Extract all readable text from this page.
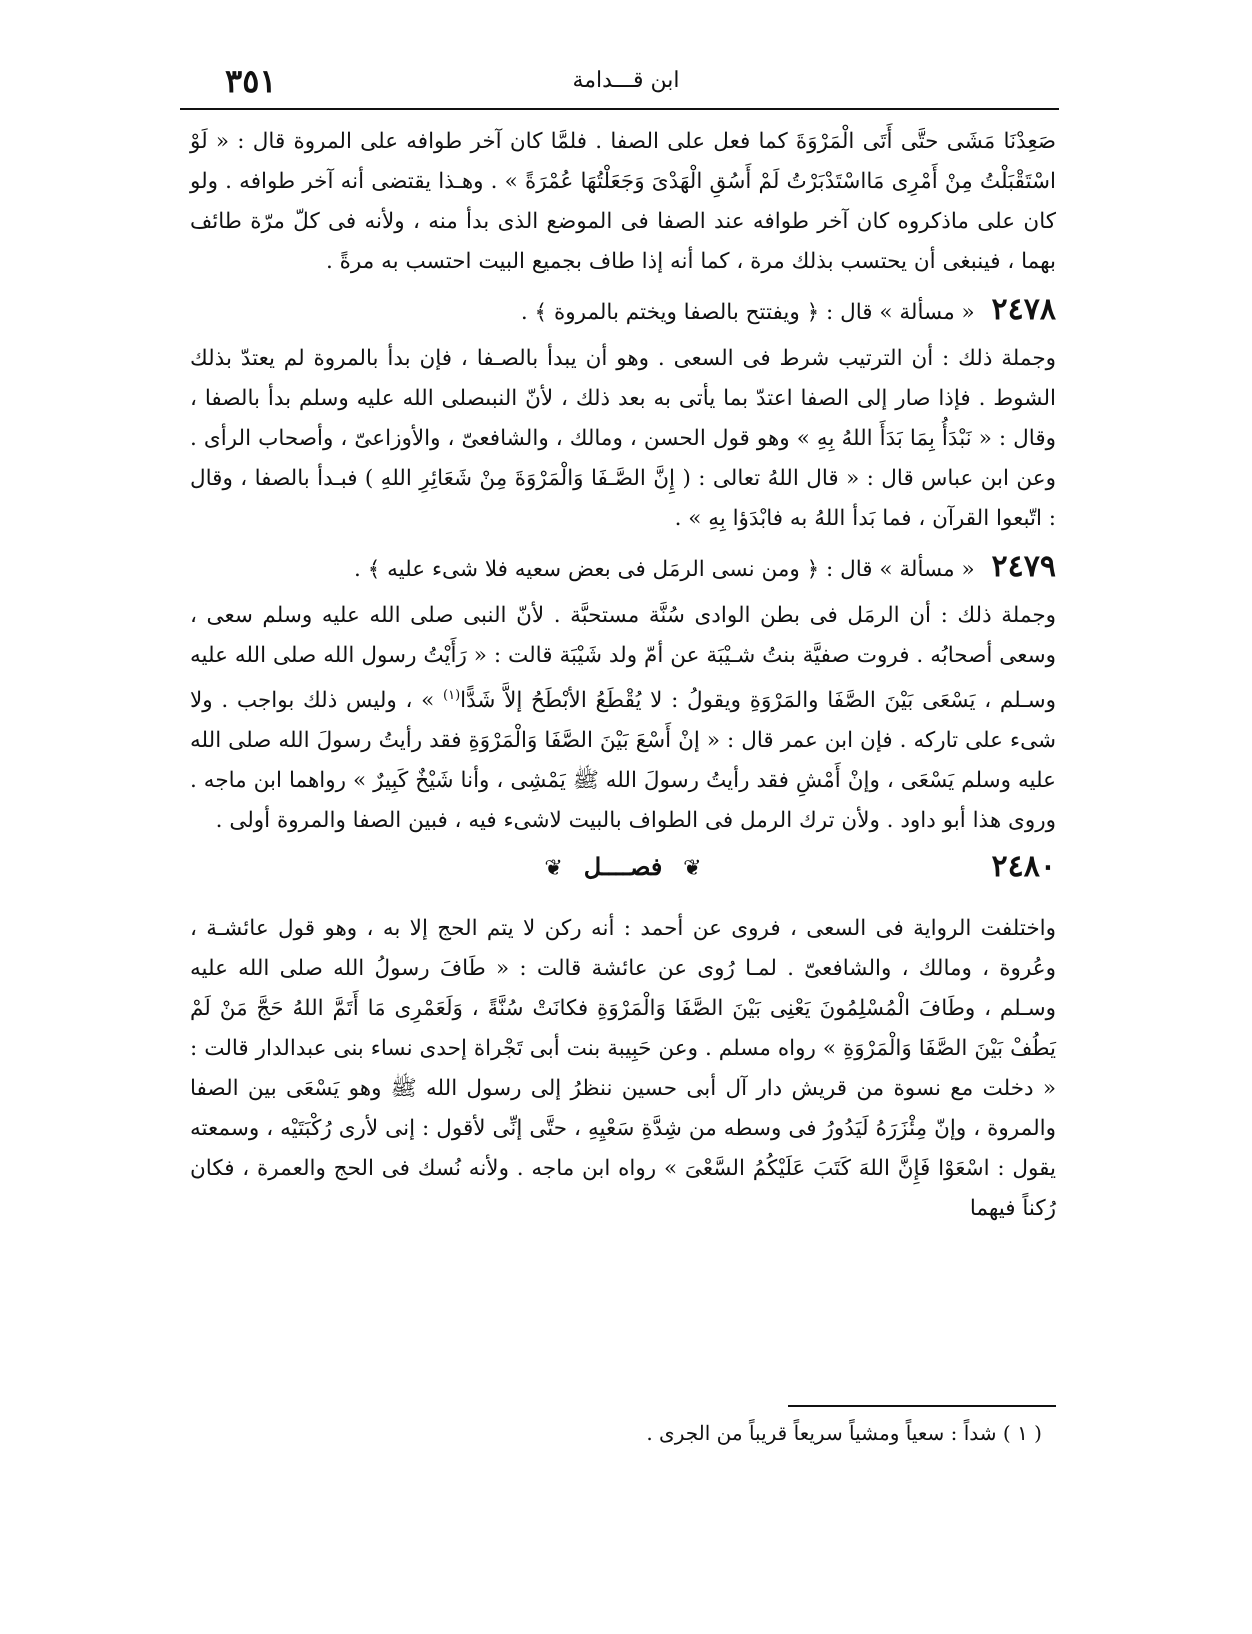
٣٥١	ابن قـــدامة

صَعِدْنَا مَشَى حتَّى أَتَى الْمَرْوَةَ كما فعل على الصفا . فلمَّا كان آخر طوافه على المروة قال : « لَوْ اسْتَقْبَلْتُ مِنْ أَمْرِى مَااسْتَدْبَرْتُ لَمْ أَسُقِ الْهَدْىَ وَجَعَلْتُهَا عُمْرَةً » . وهـذا يقتضى أنه آخر طوافه . ولو كان على ماذكروه كان آخر طوافه عند الصفا فى الموضع الذى بدأ منه ، ولأنه فى كلّ مرّة طائف بهما ، فينبغى أن يحتسب بذلك مرة ، كما أنه إذا طاف بجميع البيت احتسب به مرةً .

٢٤٧٨ « مسألة » قال : ﴿ ويفتتح بالصفا ويختم بالمروة ﴾ .

وجملة ذلك : أن الترتيب شرط فى السعى . وهو أن يبدأ بالصـفا ، فإن بدأ بالمروة لم يعتدّ بذلك الشوط . فإذا صار إلى الصفا اعتدّ بما يأتى به بعد ذلك ، لأنّ النبىصلى الله عليه وسلم بدأ بالصفا ، وقال : « نَبْدَأُ بِمَا بَدَأَ اللهُ بِهِ » وهو قول الحسن ، ومالك ، والشافعىّ ، والأوزاعىّ ، وأصحاب الرأى . وعن ابن عباس قال : « قال اللهُ تعالى : ( إِنَّ الصَّـفَا وَالْمَرْوَةَ مِنْ شَعَائِرِ اللهِ ) فبـدأ بالصفا ، وقال : اتّبعوا القرآن ، فما بَدأ اللهُ به فابْدَؤا بِهِ » .

٢٤٧٩ « مسألة » قال : ﴿ ومن نسى الرمَل فى بعض سعيه فلا شىء عليه ﴾ .

وجملة ذلك : أن الرمَل فى بطن الوادى سُنَّة مستحبَّة . لأنّ النبى صلى الله عليه وسلم سعى ، وسعى أصحابُه . فروت صفيَّة بنتُ شـيْبَة عن أمّ ولد شَيْبَة قالت : « رَأَيْتُ رسول الله صلى الله عليه وسـلم ، يَسْعَى بَيْنَ الصَّفَا والمَرْوَةِ ويقولُ : لا يُقْطَعُ الأبْطَحُ إلاَّ شَدًّا$^{(١)}$ » ، وليس ذلك بواجب . ولا شىء على تاركه . فإن ابن عمر قال : « إنْ أَسْعَ بَيْنَ الصَّفَا وَالْمَرْوَةِ فقد رأيتُ رسولَ الله صلى الله عليه وسلم يَسْعَى ، وإنْ أَمْشِ فقد رأيتُ رسولَ الله ﷺ يَمْشِى ، وأنا شَيْخٌ كَبِيرٌ » رواهما ابن ماجه . وروى هذا أبو داود . ولأن ترك الرمل فى الطواف بالبيت لاشىء فيه ، فبين الصفا والمروة أولى .

٢٤٨٠
❦ فصــــل ❦

واختلفت الرواية فى السعى ، فروى عن أحمد : أنه ركن لا يتم الحج إلا به ، وهو قول عائشـة ، وعُروة ، ومالك ، والشافعىّ . لمـا رُوى عن عائشة قالت : « طَافَ رسولُ الله صلى الله عليه وسـلم ، وطَافَ الْمُسْلِمُونَ يَعْنِى بَيْنَ الصَّفَا وَالْمَرْوَةِ فكانَتْ سُنَّةً ، وَلَعَمْرِى مَا أَتَمَّ اللهُ حَجَّ مَنْ لَمْ يَطُفْ بَيْنَ الصَّفَا وَالْمَرْوَةِ » رواه مسلم . وعن حَبِيبة بنت أبى تَجْراة إحدى نساء بنى عبدالدار قالت : « دخلت مع نسوة من قريش دار آل أبى حسين ننظرُ إلى رسول الله ﷺ وهو يَسْعَى بين الصفا والمروة ، وإنّ مِئْزَرَهُ لَيَدُورُ فى وسطه من شِدَّةِ سَعْيِهِ ، حتَّى إنِّى لأقول : إنى لأرى رُكْبَتَيْه ، وسمعته يقول : اسْعَوْا فَإِنَّ اللهَ كَتَبَ عَلَيْكُمُ السَّعْىَ » رواه ابن ماجه . ولأنه نُسك فى الحج والعمرة ، فكان رُكناً فيهما

( ١ ) شداً : سعياً ومشياً سريعاً قريباً من الجرى .
